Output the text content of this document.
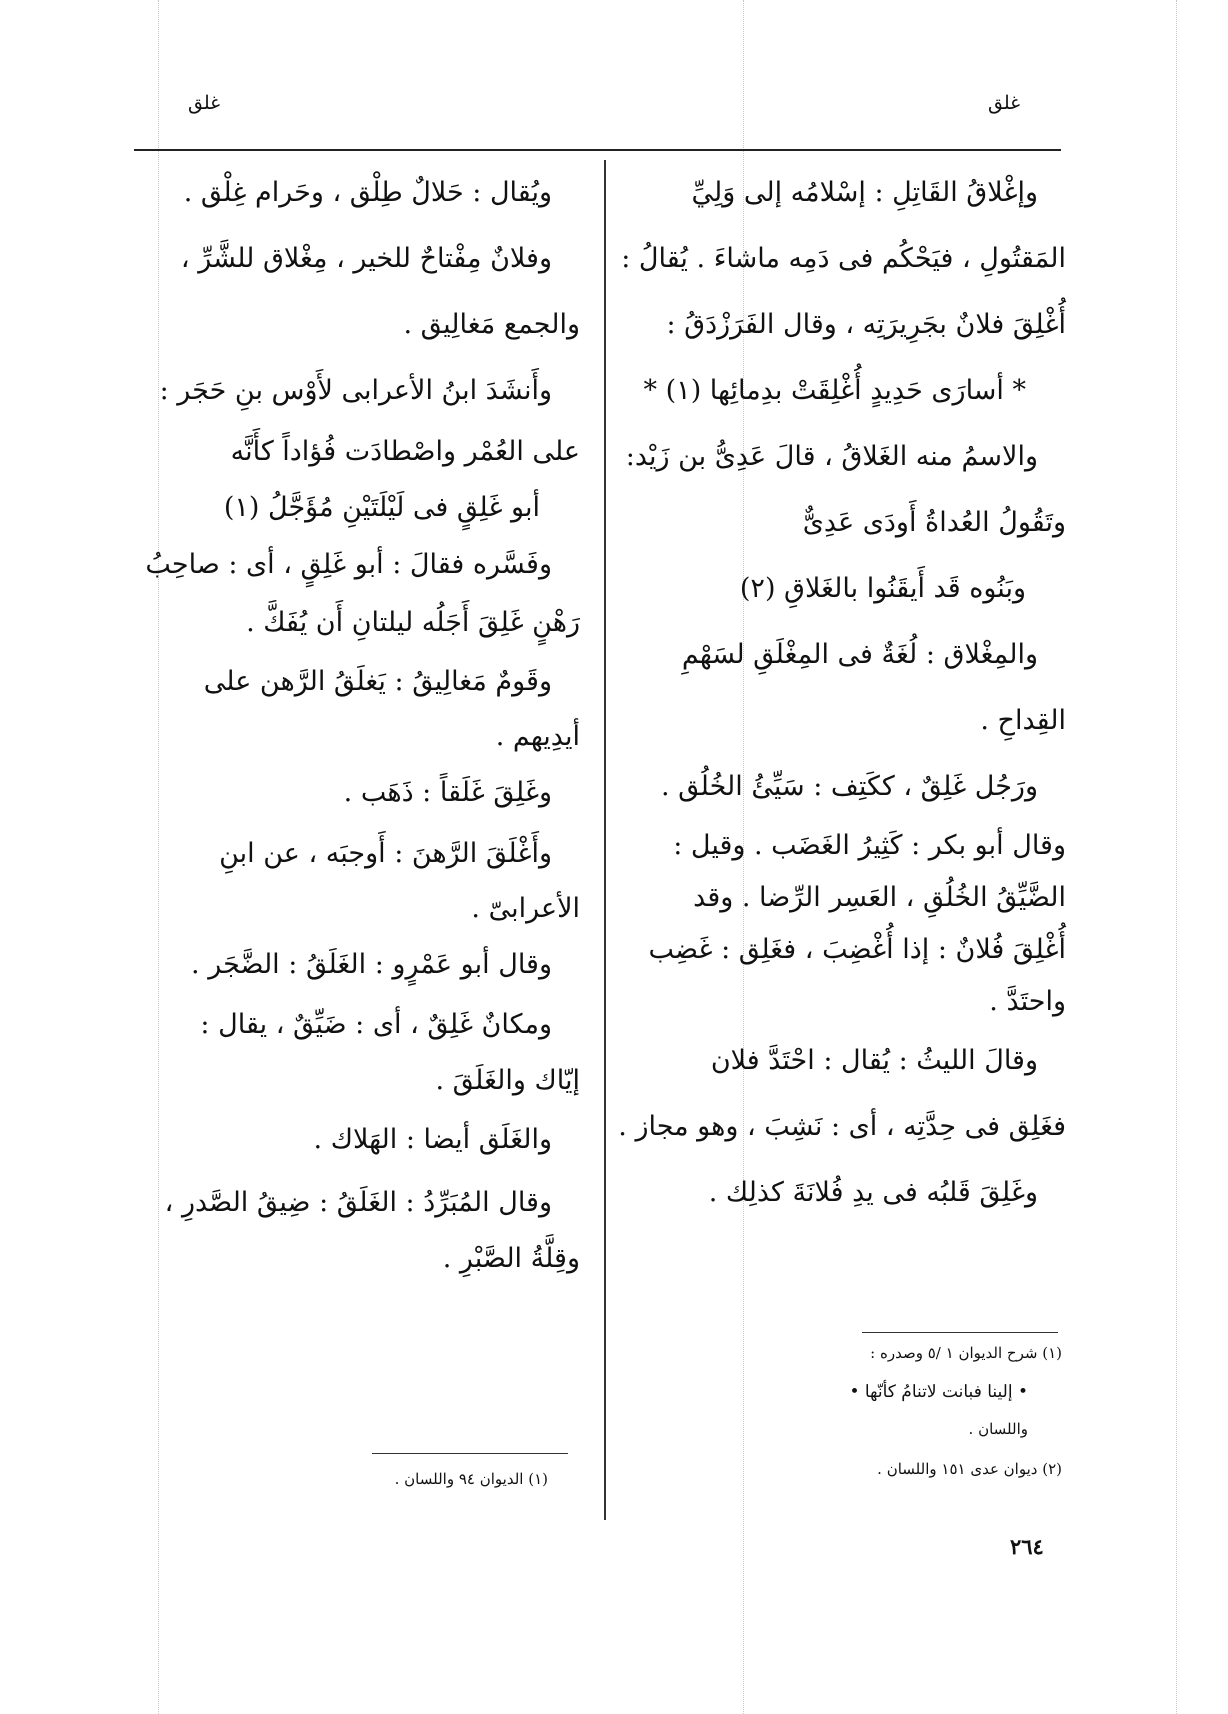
غلق
غلق
وإغْلاقُ القَاتِلِ : إسْلامُه إلى وَلِيِّ
المَقتُولِ ، فيَحْكُم فى دَمِه ماشاءَ . يُقالُ :
أُغْلِقَ فلانٌ بجَرِيرَتِه ، وقال الفَرَزْدَقُ :
* أسارَى حَدِيدٍ أُغْلِقَتْ بدِمائِها (١) *
والاسمُ منه الغَلاقُ ، قالَ عَدِىُّ بن زَيْد:
وتَقُولُ العُداةُ أَودَى عَدِىٌّ
وبَنُوه قَد أَيقَنُوا بالغَلاقِ (٢)
والمِغْلاق : لُغَةٌ فى المِغْلَقِ لسَهْمِ
القِداحِ .
ورَجُل غَلِقٌ ، ككَتِف : سَيِّئُ الخُلُق .
وقال أبو بكر : كَثِيرُ الغَضَب . وقيل :
الضَّيِّقُ الخُلُقِ ، العَسِر الرِّضا . وقد
أُغْلِقَ فُلانٌ : إذا أُغْضِبَ ، فغَلِق : غَضِب
واحتَدَّ .
وقالَ الليثُ : يُقال : احْتَدَّ فلان
فغَلِق فى حِدَّتِه ، أى : نَشِبَ ، وهو مجاز .
وغَلِقَ قَلبُه فى يدِ فُلانَةَ كذلِك .
(١) شرح الديوان ١ /٥ وصدره :
• إلينا فبانت لاتنامُ كأنّها •
واللسان .
(٢) ديوان عدى ١٥١ واللسان .
ويُقال : حَلالٌ طِلْق ، وحَرام غِلْق .
وفلانٌ مِفْتاحٌ للخير ، مِغْلاق للشَّرِّ ،
والجمع مَغالِيق .
وأَنشَدَ ابنُ الأعرابى لأَوْس بنِ حَجَر :
على العُمْر واصْطادَت فُؤاداً كأَنَّه
أبو غَلِقٍ فى لَيْلَتَيْنِ مُؤَجَّلُ (١)
وفَسَّره فقالَ : أبو غَلِقٍ ، أى : صاحِبُ
رَهْنٍ غَلِقَ أَجَلُه ليلتانِ أَن يُفَكَّ .
وقَومٌ مَغالِيقُ : يَغلَقُ الرَّهن على
أيدِيهم .
وغَلِقَ غَلَقاً : ذَهَب .
وأَغْلَقَ الرَّهنَ : أَوجبَه ، عن ابنِ
الأعرابىّ .
وقال أبو عَمْرٍو : الغَلَقُ : الضَّجَر .
ومكانٌ غَلِقٌ ، أى : ضَيِّقٌ ، يقال :
إيّاك والغَلَقَ .
والغَلَق أيضا : الهَلاك .
وقال المُبَرِّدُ : الغَلَقُ : ضِيقُ الصَّدرِ ،
وقِلَّةُ الصَّبْرِ .
(١) الديوان ٩٤ واللسان .
٢٦٤
